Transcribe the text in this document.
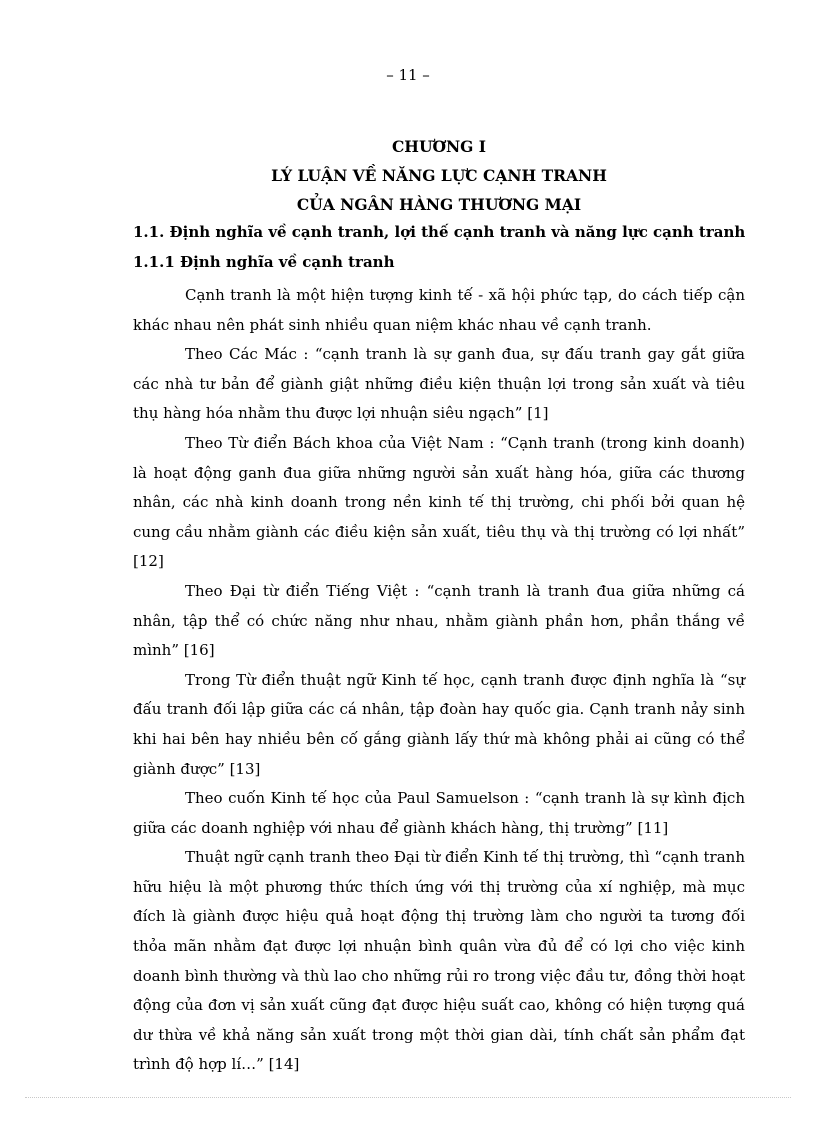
– 11 –
CHƯƠNG I
LÝ LUẬN VỀ NĂNG LỰC CẠNH TRANH
CỦA NGÂN HÀNG THƯƠNG MẠI
1.1. Định nghĩa về cạnh tranh, lợi thế cạnh tranh và năng lực cạnh tranh
1.1.1 Định nghĩa về cạnh tranh

Cạnh tranh là một hiện tượng kinh tế - xã hội phức tạp, do cách tiếp cận khác nhau nên phát sinh nhiều quan niệm khác nhau về cạnh tranh.

Theo Các Mác : “cạnh tranh là sự ganh đua, sự đấu tranh gay gắt giữa các nhà tư bản để giành giật những điều kiện thuận lợi trong sản xuất và tiêu thụ hàng hóa nhằm thu được lợi nhuận siêu ngạch” [1]

Theo Từ điển Bách khoa của Việt Nam : “Cạnh tranh (trong kinh doanh) là hoạt động ganh đua giữa những người sản xuất hàng hóa, giữa các thương nhân, các nhà kinh doanh trong nền kinh tế thị trường, chi phối bởi quan hệ cung cầu nhằm giành các điều kiện sản xuất, tiêu thụ và thị trường có lợi nhất” [12]

Theo Đại từ điển Tiếng Việt : “cạnh tranh là tranh đua giữa những cá nhân, tập thể có chức năng như nhau, nhằm giành phần hơn, phần thắng về mình” [16]

Trong Từ điển thuật ngữ Kinh tế học, cạnh tranh được định nghĩa là “sự đấu tranh đối lập giữa các cá nhân, tập đoàn hay quốc gia. Cạnh tranh nảy sinh khi hai bên hay nhiều bên cố gắng giành lấy thứ mà không phải ai cũng có thể giành được” [13]

Theo cuốn Kinh tế học của Paul Samuelson : “cạnh tranh là sự kình địch giữa các doanh nghiệp với nhau để giành khách hàng, thị trường” [11]

Thuật ngữ cạnh tranh theo Đại từ điển Kinh tế thị trường, thì “cạnh tranh hữu hiệu là một phương thức thích ứng với thị trường của xí nghiệp, mà mục đích là giành được hiệu quả hoạt động thị trường làm cho người ta tương đối thỏa mãn nhằm đạt được lợi nhuận bình quân vừa đủ để có lợi cho việc kinh doanh bình thường và thù lao cho những rủi ro trong việc đầu tư, đồng thời hoạt động của đơn vị sản xuất cũng đạt được hiệu suất cao, không có hiện tượng quá dư thừa về khả năng sản xuất trong một thời gian dài, tính chất sản phẩm đạt trình độ hợp lí…” [14]
